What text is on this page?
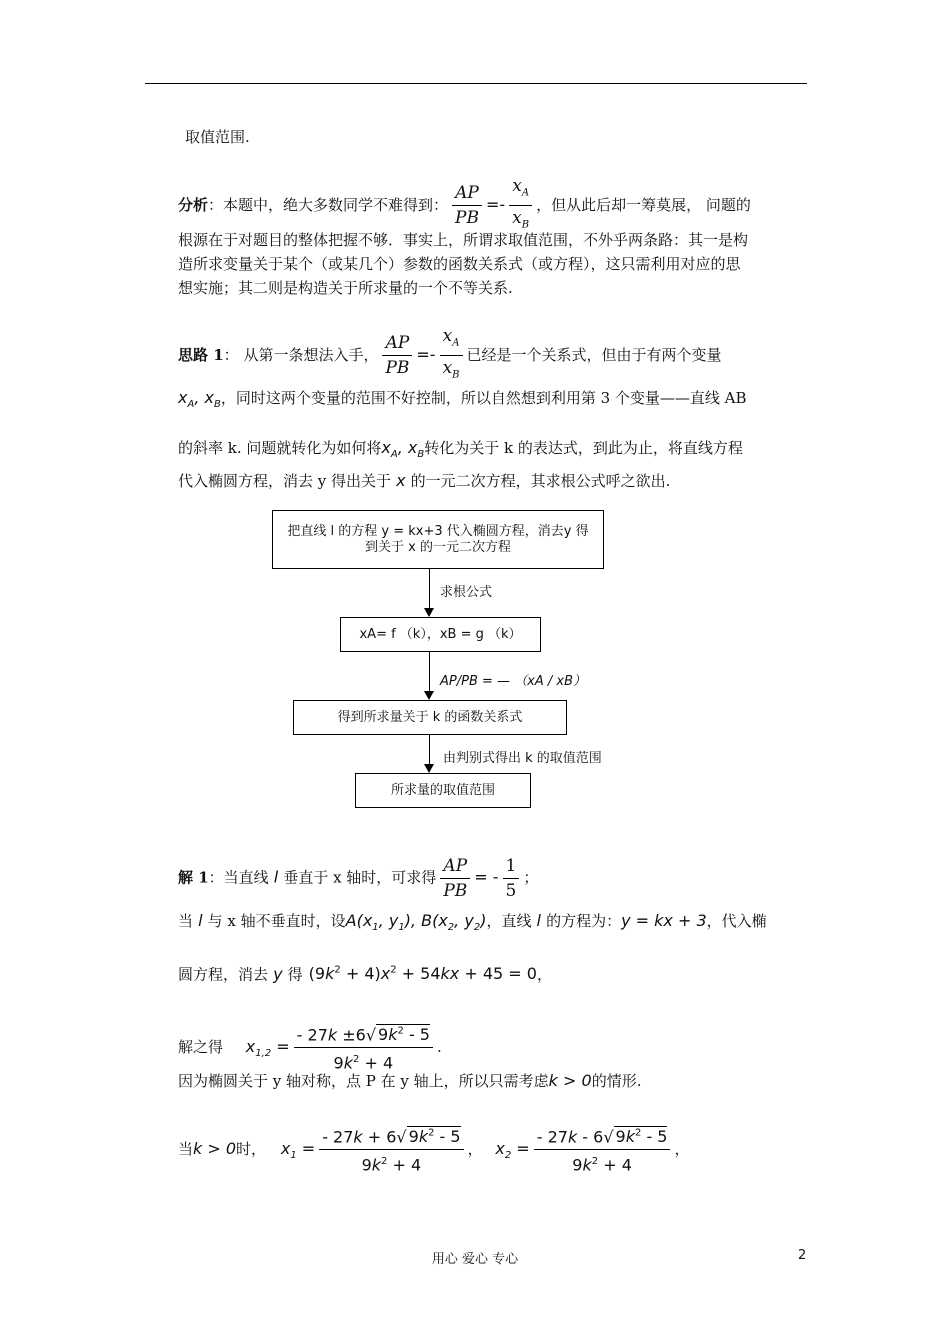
取值范围.
分析：本题中，绝大多数同学不难得到： $\frac{AP}{PB} =- \frac{x_A}{x_B}$ ，但从此后却一筹莫展， 问题的
根源在于对题目的整体把握不够．事实上，所谓求取值范围，不外乎两条路：其一是构
造所求变量关于某个（或某几个）参数的函数关系式（或方程），这只需利用对应的思
想实施；其二则是构造关于所求量的一个不等关系.
思路 1： 从第一条想法入手， $\frac{AP}{PB} =- \frac{x_A}{x_B}$ 已经是一个关系式，但由于有两个变量
$x_A$, $x_B$，同时这两个变量的范围不好控制，所以自然想到利用第 3 个变量——直线 AB
的斜率 k. 问题就转化为如何将$x_A$, $x_B$转化为关于 k 的表达式，到此为止，将直线方程
代入椭圆方程，消去 y 得出关于 x 的一元二次方程，其求根公式呼之欲出.
把直线 l 的方程 y = kx+3 代入椭圆方程，消去y 得到关于 x 的一元二次方程
求根公式
xA= f （k），xB = g （k）
AP/PB = — （xA / xB）
得到所求量关于 k 的函数关系式
由判别式得出 k 的取值范围
所求量的取值范围
解 1：当直线 l 垂直于 x 轴时，可求得 $\frac{AP}{PB}$ = - $\frac{1}{5}$ ；
当 l 与 x 轴不垂直时，设$A(x_1$, $y_1$), $B(x_2$, $y_2$)，直线 l 的方程为：y = kx + 3，代入椭
圆方程，消去 y 得 $(9k^2 + 4)x^2 + 54kx + 45 = 0$，
解之得 $x_{1,2} = \frac{- 27k \pm 6√ 9k^2 - 5}{9k^2 + 4}$ .
因为椭圆关于 y 轴对称，点 P 在 y 轴上，所以只需考虑k > 0的情形.
当k > 0时， $x_1 = \frac{- 27k + 6√ 9k^2 - 5}{9k^2 + 4}$ ， $x_2 = \frac{- 27k - 6√ 9k^2 - 5}{9k^2 + 4}$ ，
用心 爱心 专心	2
